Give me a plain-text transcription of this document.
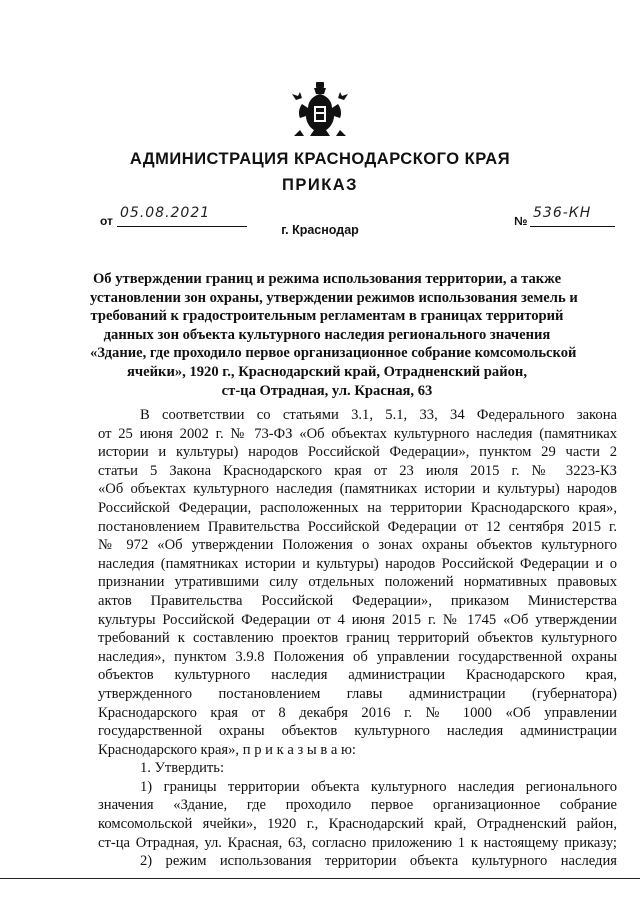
АДМИНИСТРАЦИЯ КРАСНОДАРСКОГО КРАЯ
ПРИКАЗ
от 05.08.2021	№ 536-КН
г. Краснодар
Об утверждении границ и режима использования территории, а также
установлении зон охраны, утверждении режимов использования земель и
требований к градостроительным регламентам в границах территорий
данных зон объекта культурного наследия регионального значения
«Здание, где проходило первое организационное собрание комсомольской
ячейки», 1920 г., Краснодарский край, Отрадненский район,
ст-ца Отрадная, ул. Красная, 63
В соответствии со статьями 3.1, 5.1, 33, 34 Федерального закона
от 25 июня 2002 г. № 73-ФЗ «Об объектах культурного наследия (памятниках
истории и культуры) народов Российской Федерации», пунктом 29 части 2
статьи 5 Закона Краснодарского края от 23 июля 2015 г. № 3223-КЗ
«Об объектах культурного наследия (памятниках истории и культуры) народов
Российской Федерации, расположенных на территории Краснодарского края»,
постановлением Правительства Российской Федерации от 12 сентября 2015 г.
№ 972 «Об утверждении Положения о зонах охраны объектов культурного
наследия (памятниках истории и культуры) народов Российской Федерации и о
признании утратившими силу отдельных положений нормативных правовых
актов Правительства Российской Федерации», приказом Министерства
культуры Российской Федерации от 4 июня 2015 г. № 1745 «Об утверждении
требований к составлению проектов границ территорий объектов культурного
наследия», пунктом 3.9.8 Положения об управлении государственной охраны
объектов культурного наследия администрации Краснодарского края,
утвержденного постановлением главы администрации (губернатора)
Краснодарского края от 8 декабря 2016 г. № 1000 «Об управлении
государственной охраны объектов культурного наследия администрации
Краснодарского края», п р и к а з ы в а ю:
1. Утвердить:
1) границы территории объекта культурного наследия регионального
значения «Здание, где проходило первое организационное собрание
комсомольской ячейки», 1920 г., Краснодарский край, Отрадненский район,
ст-ца Отрадная, ул. Красная, 63, согласно приложению 1 к настоящему приказу;
2) режим использования территории объекта культурного наследия
